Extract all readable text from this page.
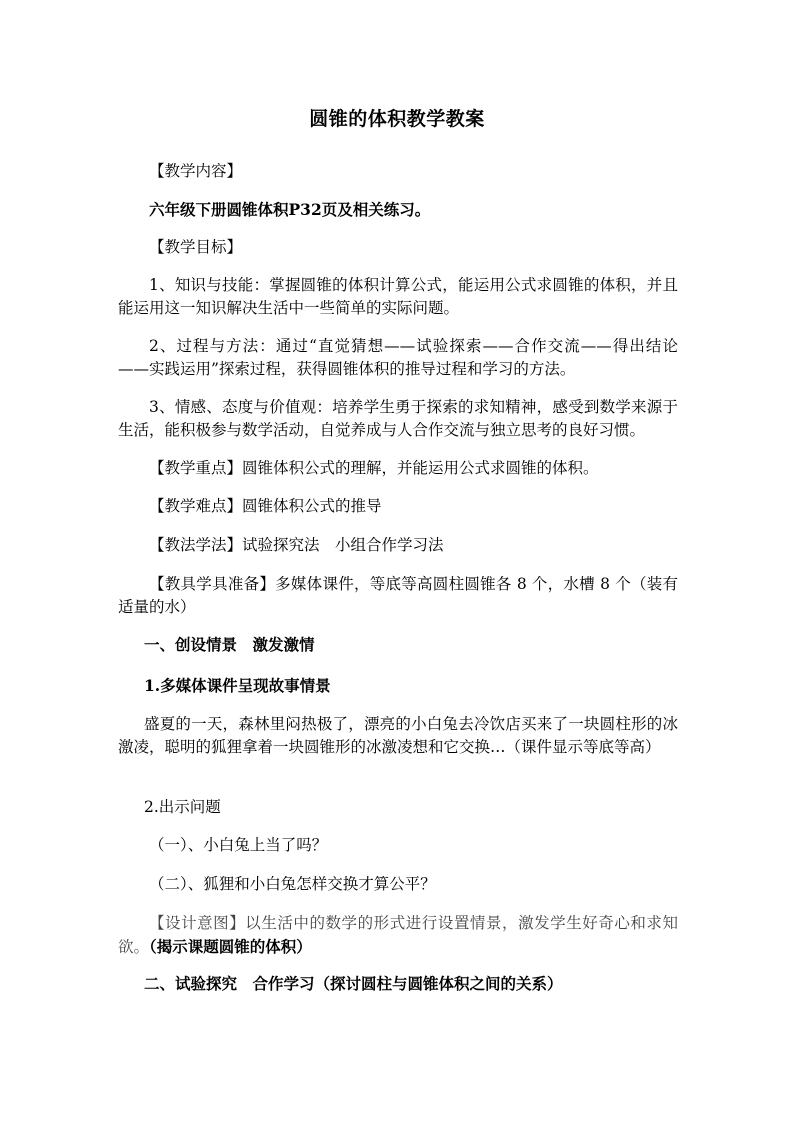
圆锥的体积教学教案
【教学内容】
六年级下册圆锥体积P32页及相关练习。
【教学目标】
1、知识与技能：掌握圆锥的体积计算公式，能运用公式求圆锥的体积，并且能运用这一知识解决生活中一些简单的实际问题。
2、过程与方法：通过“直觉猜想——试验探索——合作交流——得出结论——实践运用”探索过程，获得圆锥体积的推导过程和学习的方法。
3、情感、态度与价值观：培养学生勇于探索的求知精神，感受到数学来源于生活，能积极参与数学活动，自觉养成与人合作交流与独立思考的良好习惯。
【教学重点】圆锥体积公式的理解，并能运用公式求圆锥的体积。
【教学难点】圆锥体积公式的推导
【教法学法】试验探究法　小组合作学习法
【教具学具准备】多媒体课件，等底等高圆柱圆锥各 8 个，水槽 8 个（装有适量的水）
一、创设情景　激发激情
1.多媒体课件呈现故事情景
盛夏的一天，森林里闷热极了，漂亮的小白兔去冷饮店买来了一块圆柱形的冰激凌，聪明的狐狸拿着一块圆锥形的冰激凌想和它交换…（课件显示等底等高）
2.出示问题
（一）、小白兔上当了吗？
（二）、狐狸和小白兔怎样交换才算公平？
【设计意图】以生活中的数学的形式进行设置情景，激发学生好奇心和求知欲。（揭示课题圆锥的体积）
二、试验探究　合作学习（探讨圆柱与圆锥体积之间的关系）
